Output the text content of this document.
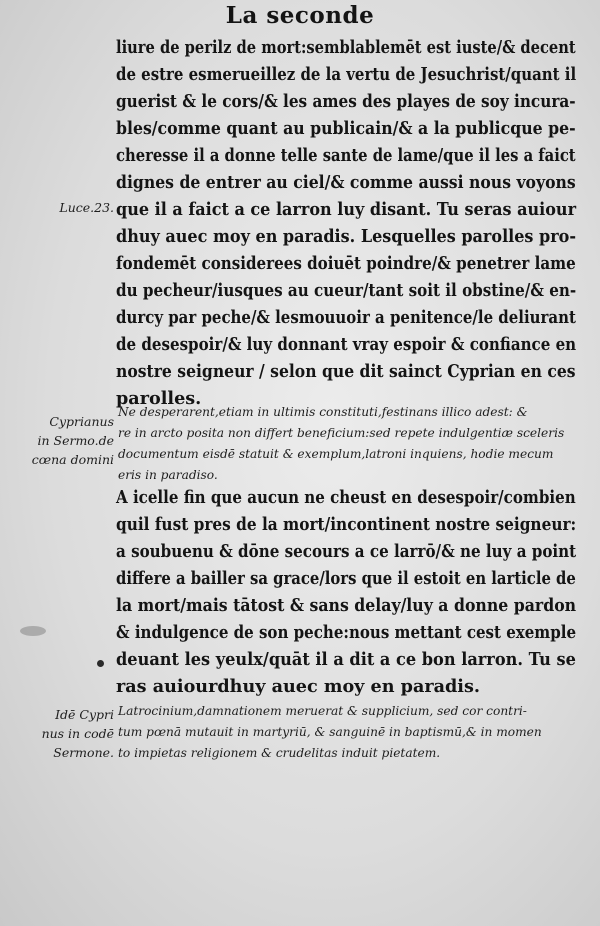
La seconde
liure de perilz de mort:semblablemēt est iuste/& decent
de estre esmerueillez de la vertu de Jesuchrist/quant il
guerist & le cors/& les ames des playes de soy incura-
bles/comme quant au publicain/& a la publicque pe-
cheresse il a donne telle sante de lame/que il les a faict
dignes de entrer au ciel/& comme aussi nous voyons
que il a faict a ce larron luy disant. Tu seras auiour
dhuy auec moy en paradis. Lesquelles parolles pro-
fondemēt considerees doiuēt poindre/& penetrer lame
du pecheur/iusques au cueur/tant soit il obstine/& en-
durcy par peche/& lesmouuoir a penitence/le deliurant
de desespoir/& luy donnant vray espoir & confiance en
nostre seigneur / selon que dit sainct Cyprian en ces
parolles.
Luce.23.
Ne desperarent,etiam in ultimis constituti,festinans illico adest: &
re in arcto posita non differt beneficium:sed repete indulgentiæ sceleris
documentum eisdē statuit & exemplum,latroni inquiens, hodie mecum
eris in paradiso.
Cyprianus
in Sermo.de
cœna domini
A icelle fin que aucun ne cheust en desespoir/combien
quil fust pres de la mort/incontinent nostre seigneur:
a soubuenu & dōne secours a ce larrō/& ne luy a point
differe a bailler sa grace/lors que il estoit en larticle de
la mort/mais tātost & sans delay/luy a donne pardon
& indulgence de son peche:nous mettant cest exemple
deuant les yeulx/quāt il a dit a ce bon larron. Tu se
ras auiourdhuy auec moy en paradis.
Latrocinium,damnationem meruerat & supplicium, sed cor contri-
tum pœnā mutauit in martyriū, & sanguinē in baptismū,& in momen
to impietas religionem & crudelitas induit pietatem.
Idē Cypri
nus in codē
Sermone.
